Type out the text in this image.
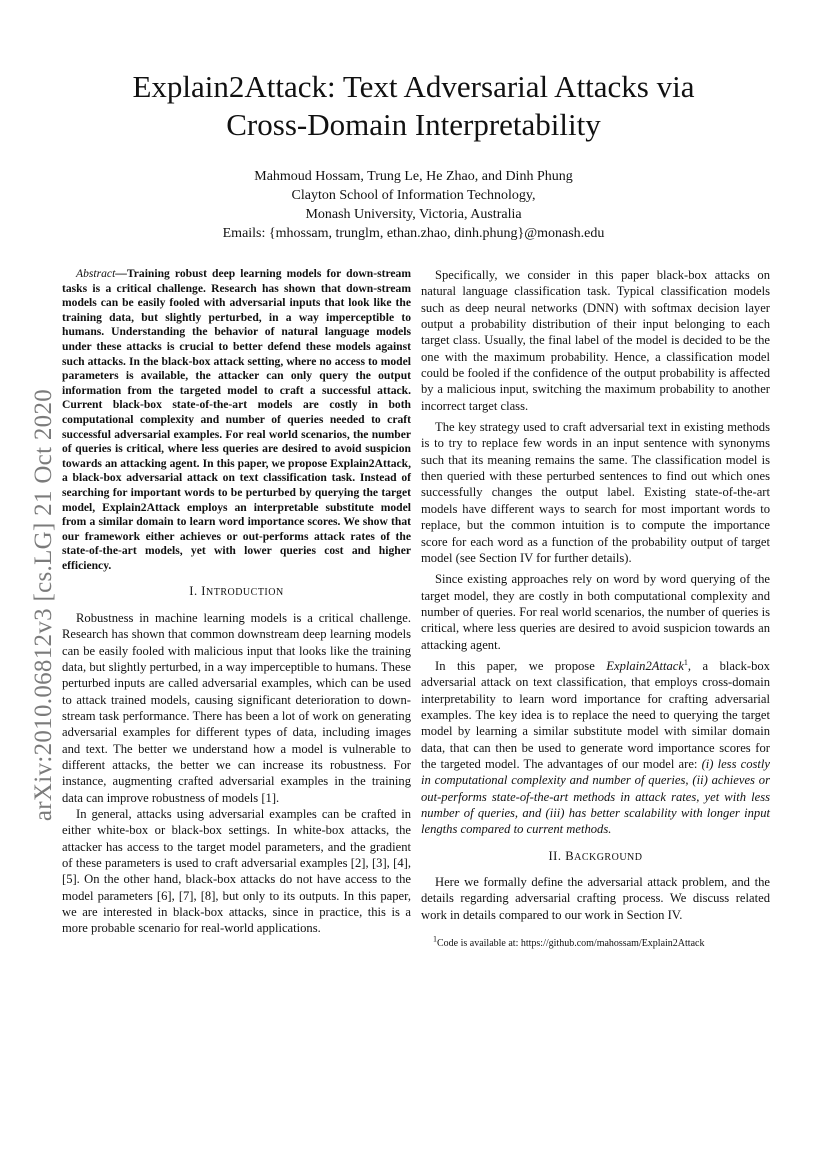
arXiv:2010.06812v3 [cs.LG] 21 Oct 2020
Explain2Attack: Text Adversarial Attacks via
Cross-Domain Interpretability
Mahmoud Hossam, Trung Le, He Zhao, and Dinh Phung
Clayton School of Information Technology,
Monash University, Victoria, Australia
Emails: {mhossam, trunglm, ethan.zhao, dinh.phung}@monash.edu

Abstract—Training robust deep learning models for down-stream tasks is a critical challenge. Research has shown that down-stream models can be easily fooled with adversarial inputs that look like the training data, but slightly perturbed, in a way imperceptible to humans. Understanding the behavior of natural language models under these attacks is crucial to better defend these models against such attacks. In the black-box attack setting, where no access to model parameters is available, the attacker can only query the output information from the targeted model to craft a successful attack. Current black-box state-of-the-art models are costly in both computational complexity and number of queries needed to craft successful adversarial examples. For real world scenarios, the number of queries is critical, where less queries are desired to avoid suspicion towards an attacking agent. In this paper, we propose Explain2Attack, a black-box adversarial attack on text classification task. Instead of searching for important words to be perturbed by querying the target model, Explain2Attack employs an interpretable substitute model from a similar domain to learn word importance scores. We show that our framework either achieves or out-performs attack rates of the state-of-the-art models, yet with lower queries cost and higher efficiency.

I. INTRODUCTION

Robustness in machine learning models is a critical challenge. Research has shown that common downstream deep learning models can be easily fooled with malicious input that looks like the training data, but slightly perturbed, in a way imperceptible to humans. These perturbed inputs are called adversarial examples, which can be used to attack trained models, causing significant deterioration to down-stream task performance. There has been a lot of work on generating adversarial examples for different types of data, including images and text. The better we understand how a model is vulnerable to different attacks, the better we can increase its robustness. For instance, augmenting crafted adversarial examples in the training data can improve robustness of models [1].

In general, attacks using adversarial examples can be crafted in either white-box or black-box settings. In white-box attacks, the attacker has access to the target model parameters, and the gradient of these parameters is used to craft adversarial examples [2], [3], [4], [5]. On the other hand, black-box attacks do not have access to the model parameters [6], [7], [8], but only to its outputs. In this paper, we are interested in black-box attacks, since in practice, this is a more probable scenario for real-world applications.

Specifically, we consider in this paper black-box attacks on natural language classification task. Typical classification models such as deep neural networks (DNN) with softmax decision layer output a probability distribution of their input belonging to each target class. Usually, the final label of the model is decided to be the one with the maximum probability. Hence, a classification model could be fooled if the confidence of the output probability is affected by a malicious input, switching the maximum probability to another incorrect target class.

The key strategy used to craft adversarial text in existing methods is to try to replace few words in an input sentence with synonyms such that its meaning remains the same. The classification model is then queried with these perturbed sentences to find out which ones successfully changes the output label. Existing state-of-the-art models have different ways to search for most important words to replace, but the common intuition is to compute the importance score for each word as a function of the probability output of target model (see Section IV for further details).

Since existing approaches rely on word by word querying of the target model, they are costly in both computational complexity and number of queries. For real world scenarios, the number of queries is critical, where less queries are desired to avoid suspicion towards an attacking agent.

In this paper, we propose Explain2Attack$^1$, a black-box adversarial attack on text classification, that employs cross-domain interpretability to learn word importance for crafting adversarial examples. The key idea is to replace the need to querying the target model by learning a similar substitute model with similar domain data, that can then be used to generate word importance scores for the targeted model. The advantages of our model are: (i) less costly in computational complexity and number of queries, (ii) achieves or out-performs state-of-the-art methods in attack rates, yet with less number of queries, and (iii) has better scalability with longer input lengths compared to current methods.

II. BACKGROUND

Here we formally define the adversarial attack problem, and the details regarding adversarial crafting process. We discuss related work in details compared to our work in Section IV.

$^1$Code is available at: https://github.com/mahossam/Explain2Attack
